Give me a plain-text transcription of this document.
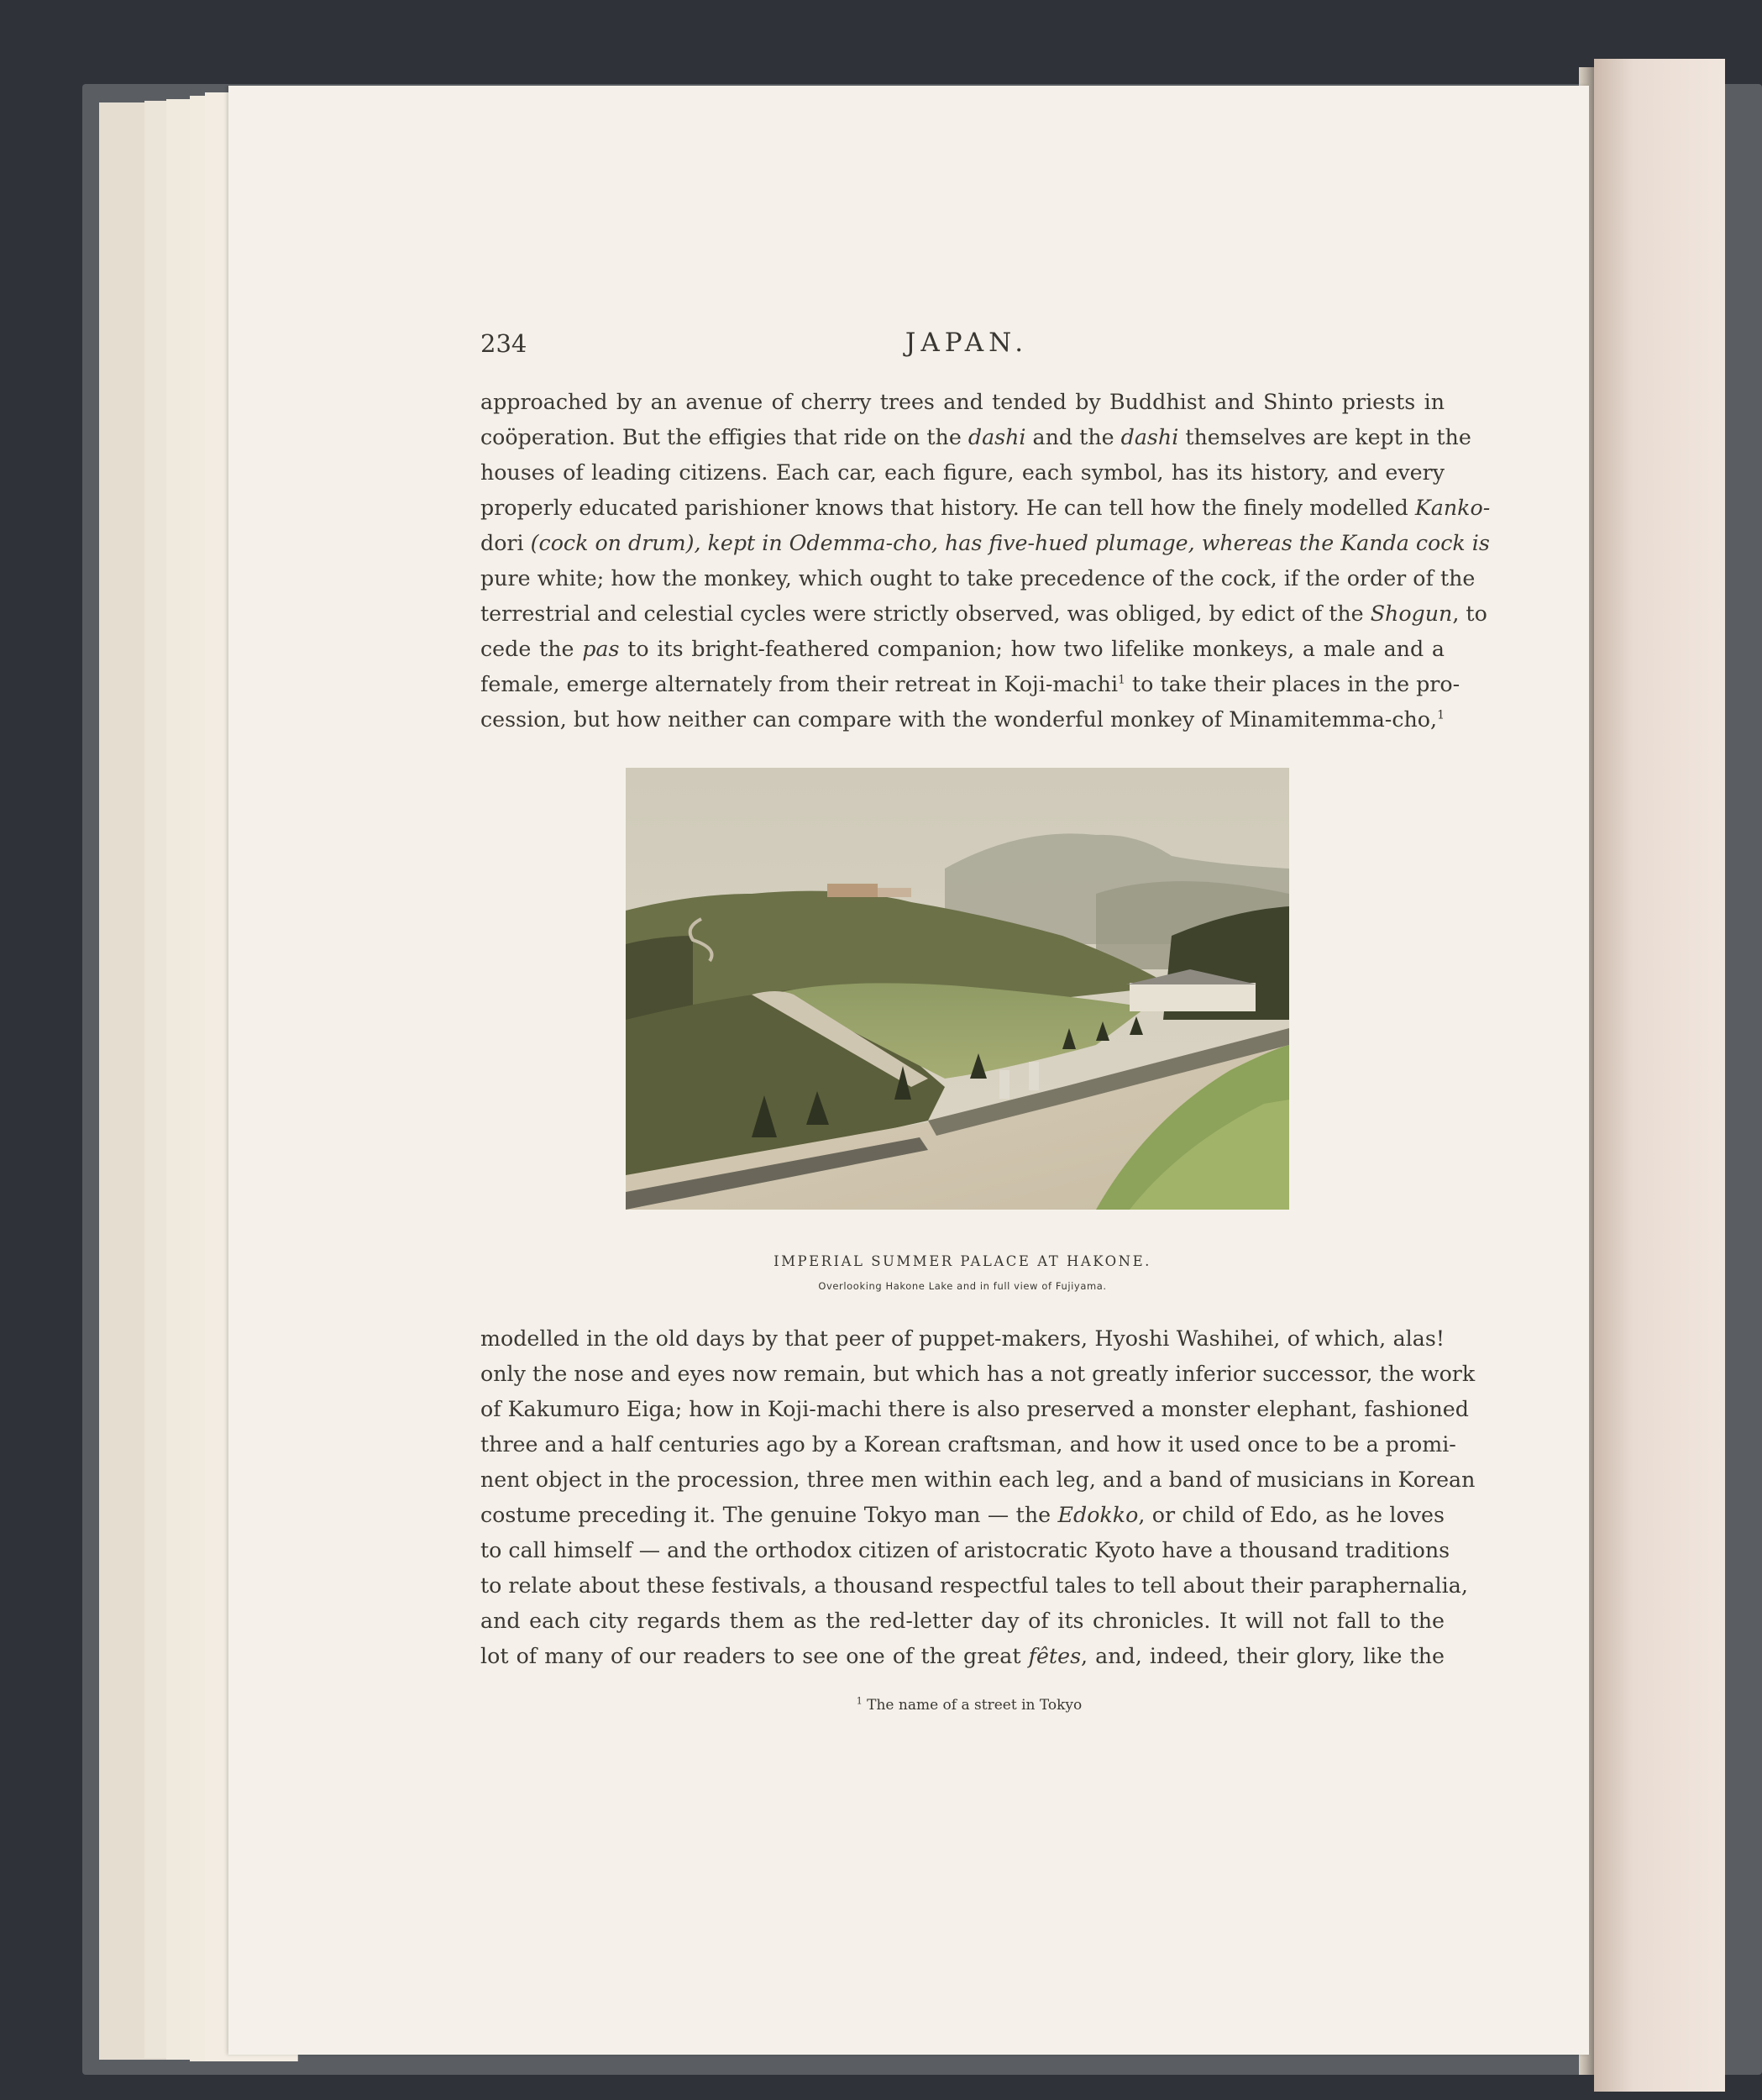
234	JAPAN.
approached by an avenue of cherry trees and tended by Buddhist and Shinto priests in
coöperation. But the effigies that ride on the dashi and the dashi themselves are kept in the
houses of leading citizens. Each car, each figure, each symbol, has its history, and every
properly educated parishioner knows that history. He can tell how the finely modelled Kanko-
dori (cock on drum), kept in Odemma-cho, has five-hued plumage, whereas the Kanda cock is
pure white; how the monkey, which ought to take precedence of the cock, if the order of the
terrestrial and celestial cycles were strictly observed, was obliged, by edict of the Shogun, to
cede the pas to its bright-feathered companion; how two lifelike monkeys, a male and a
female, emerge alternately from their retreat in Koji-machi$^1$ to take their places in the pro-
cession, but how neither can compare with the wonderful monkey of Minamitemma-cho,$^1$
IMPERIAL SUMMER PALACE AT HAKONE.
Overlooking Hakone Lake and in full view of Fujiyama.
modelled in the old days by that peer of puppet-makers, Hyoshi Washihei, of which, alas!
only the nose and eyes now remain, but which has a not greatly inferior successor, the work
of Kakumuro Eiga; how in Koji-machi there is also preserved a monster elephant, fashioned
three and a half centuries ago by a Korean craftsman, and how it used once to be a promi-
nent object in the procession, three men within each leg, and a band of musicians in Korean
costume preceding it. The genuine Tokyo man — the Edokko, or child of Edo, as he loves
to call himself — and the orthodox citizen of aristocratic Kyoto have a thousand traditions
to relate about these festivals, a thousand respectful tales to tell about their paraphernalia,
and each city regards them as the red-letter day of its chronicles. It will not fall to the
lot of many of our readers to see one of the great fêtes, and, indeed, their glory, like the
$^1$ The name of a street in Tokyo
